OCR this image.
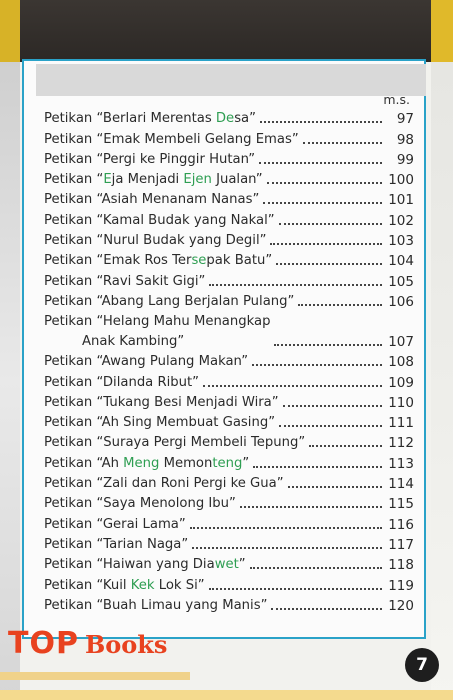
m.s.
Petikan “Berlari Merentas Desa”	97
Petikan “Emak Membeli Gelang Emas”	98
Petikan “Pergi ke Pinggir Hutan”	99
Petikan “Eja Menjadi Ejen Jualan”	100
Petikan “Asiah Menanam Nanas”	101
Petikan “Kamal Budak yang Nakal”	102
Petikan “Nurul Budak yang Degil”	103
Petikan “Emak Ros Tersepak Batu”	104
Petikan “Ravi Sakit Gigi”	105
Petikan “Abang Lang Berjalan Pulang”	106
Petikan “Helang Mahu Menangkap
Anak Kambing”	107
Petikan “Awang Pulang Makan”	108
Petikan “Dilanda Ribut”	109
Petikan “Tukang Besi Menjadi Wira”	110
Petikan “Ah Sing Membuat Gasing”	111
Petikan “Suraya Pergi Membeli Tepung”	112
Petikan “Ah Meng Memonteng”	113
Petikan “Zali dan Roni Pergi ke Gua”	114
Petikan “Saya Menolong Ibu”	115
Petikan “Gerai Lama”	116
Petikan “Tarian Naga”	117
Petikan “Haiwan yang Diawet”	118
Petikan “Kuil Kek Lok Si”	119
Petikan “Buah Limau yang Manis”	120
TOP Books
7
